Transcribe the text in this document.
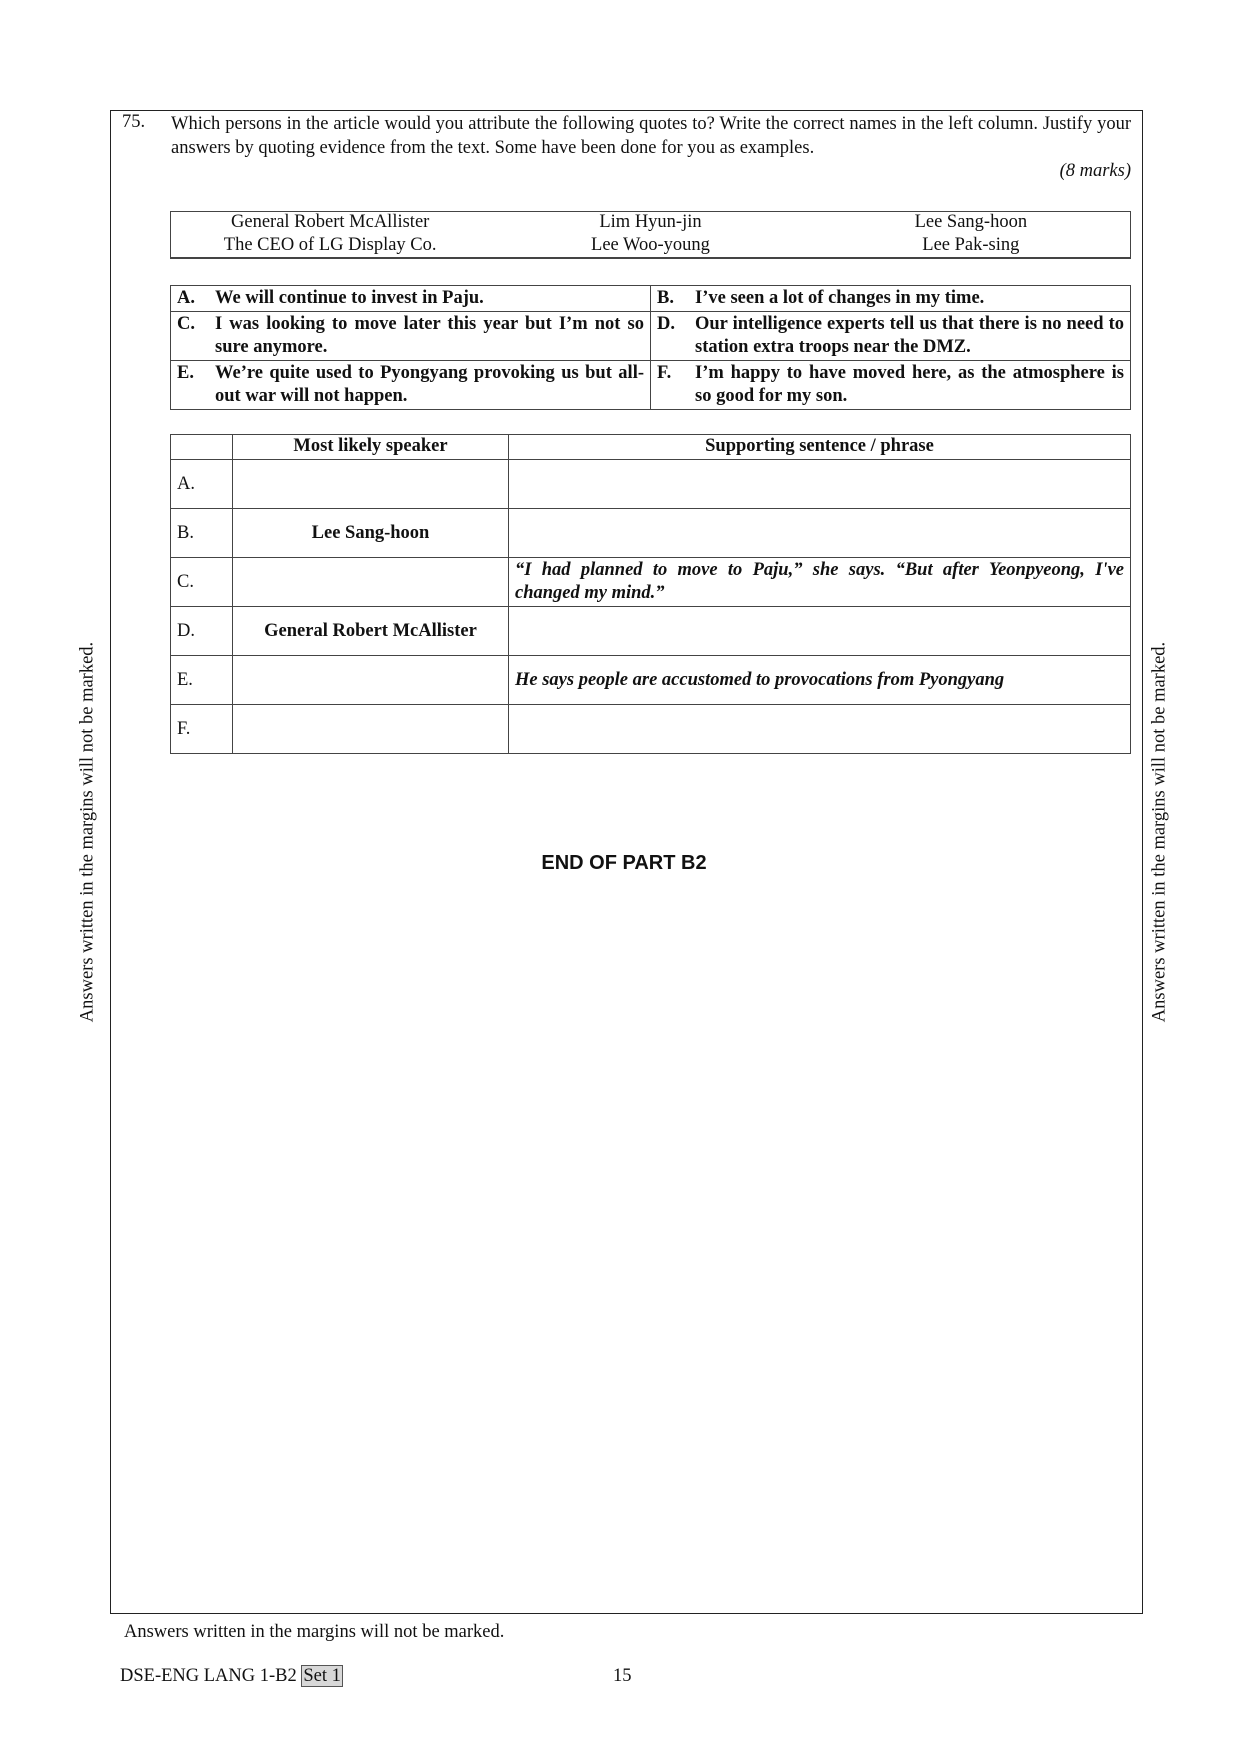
75. Which persons in the article would you attribute the following quotes to? Write the correct names in the left column. Justify your answers by quoting evidence from the text. Some have been done for you as examples.
(8 marks)
General Robert McAllister	Lim Hyun-jin	Lee Sang-hoon
The CEO of LG Display Co.	Lee Woo-young	Lee Pak-sing
A. We will continue to invest in Paju.	B. I’ve seen a lot of changes in my time.

C. I was looking to move later this year but I’m not so sure anymore.	D. Our intelligence experts tell us that there is no need to station extra troops near the DMZ.

E. We’re quite used to Pyongyang provoking us but all-out war will not happen.	F. I’m happy to have moved here, as the atmosphere is so good for my son.
	Most likely speaker	Supporting sentence / phrase
A.		
B.	Lee Sang-hoon	
C.		“I had planned to move to Paju,” she says. “But after Yeonpyeong, I've changed my mind.”
D.	General Robert McAllister	
E.		He says people are accustomed to provocations from Pyongyang
F.		
END OF PART B2
Answers written in the margins will not be marked.	Answers written in the margins will not be marked.
Answers written in the margins will not be marked.
DSE-ENG LANG 1-B2 Set 1	15
